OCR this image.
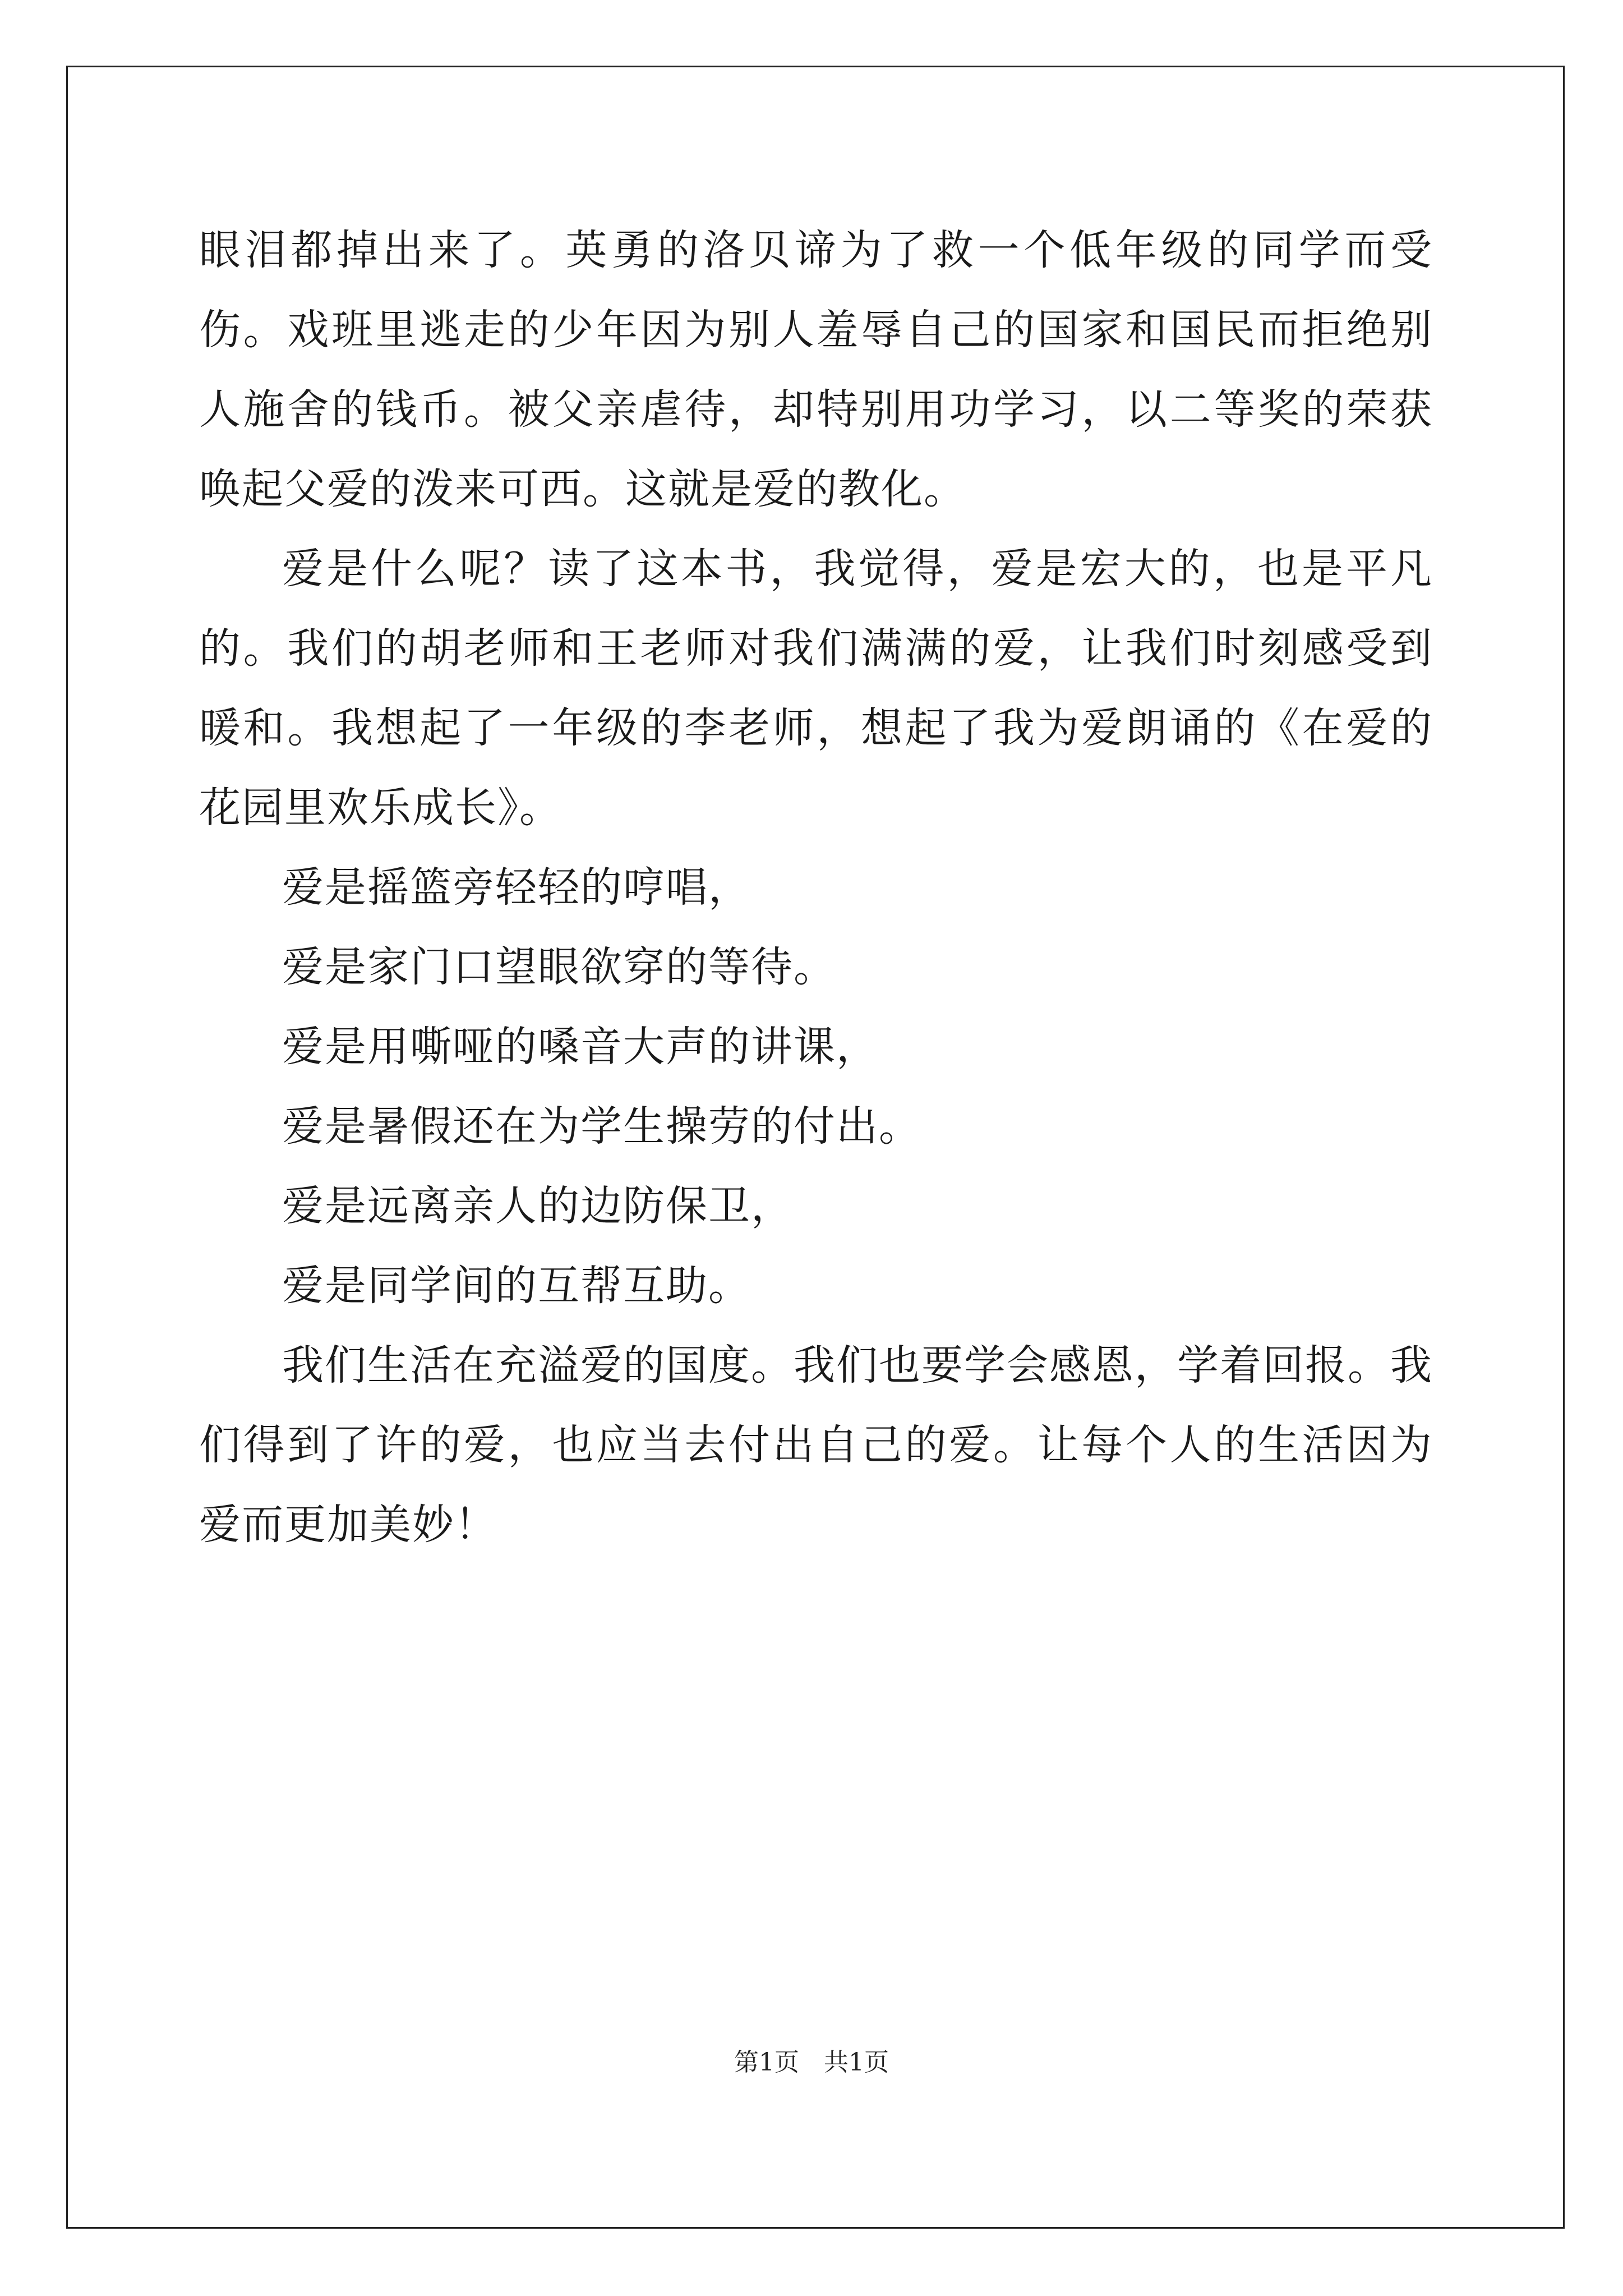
眼泪都掉出来了。英勇的洛贝谛为了救一个低年级的同学而受伤。戏班里逃走的少年因为别人羞辱自己的国家和国民而拒绝别人施舍的钱币。被父亲虐待，却特别用功学习，以二等奖的荣获唤起父爱的泼来可西。这就是爱的教化。

爱是什么呢？读了这本书，我觉得，爱是宏大的，也是平凡的。我们的胡老师和王老师对我们满满的爱，让我们时刻感受到暖和。我想起了一年级的李老师，想起了我为爱朗诵的《在爱的花园里欢乐成长》。

爱是摇篮旁轻轻的哼唱，

爱是家门口望眼欲穿的等待。

爱是用嘶哑的嗓音大声的讲课，

爱是暑假还在为学生操劳的付出。

爱是远离亲人的边防保卫，

爱是同学间的互帮互助。

我们生活在充溢爱的国度。我们也要学会感恩，学着回报。我们得到了许的爱，也应当去付出自己的爱。让每个人的生活因为爱而更加美妙！

第1页　共1页
